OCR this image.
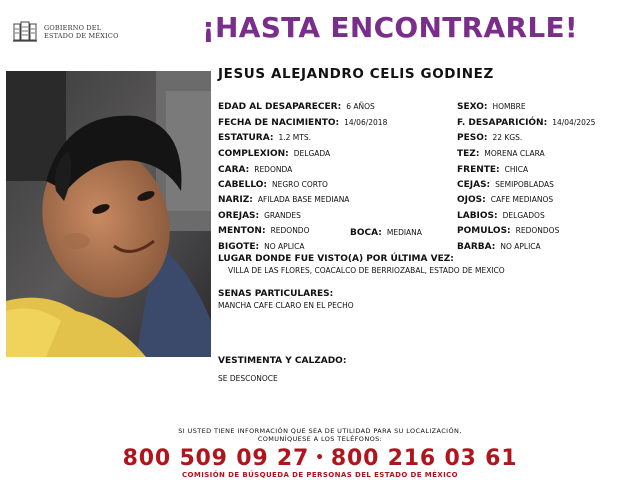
GOBIERNO DEL
ESTADO DE MÉXICO	¡HASTA ENCONTRARLE!
JESUS ALEJANDRO CELIS GODINEZ
EDAD AL DESAPARECER: 6 AÑOS
FECHA DE NACIMIENTO: 14/06/2018
ESTATURA: 1.2 MTS.
COMPLEXION: DELGADA
CARA: REDONDA
CABELLO: NEGRO CORTO
NARIZ: AFILADA BASE MEDIANA
OREJAS: GRANDES
MENTON: REDONDO	BOCA: MEDIANA
BIGOTE: NO APLICA
SEXO: HOMBRE
F. DESAPARICIÓN: 14/04/2025
PESO: 22 KGS.
TEZ: MORENA CLARA
FRENTE: CHICA
CEJAS: SEMIPOBLADAS
OJOS: CAFE MEDIANOS
LABIOS: DELGADOS
POMULOS: REDONDOS
BARBA: NO APLICA
LUGAR DONDE FUE VISTO(A) POR ÚLTIMA VEZ:
VILLA DE LAS FLORES, COACALCO DE BERRIOZABAL, ESTADO DE MEXICO
SENAS PARTICULARES:
MANCHA CAFE CLARO EN EL PECHO
VESTIMENTA Y CALZADO:
SE DESCONOCE
SI USTED TIENE INFORMACIÓN QUE SEA DE UTILIDAD PARA SU LOCALIZACIÓN,
COMUNÍQUESE A LOS TELÉFONOS:
800 509 09 27 • 800 216 03 61
COMISIÓN DE BÚSQUEDA DE PERSONAS DEL ESTADO DE MÉXICO
